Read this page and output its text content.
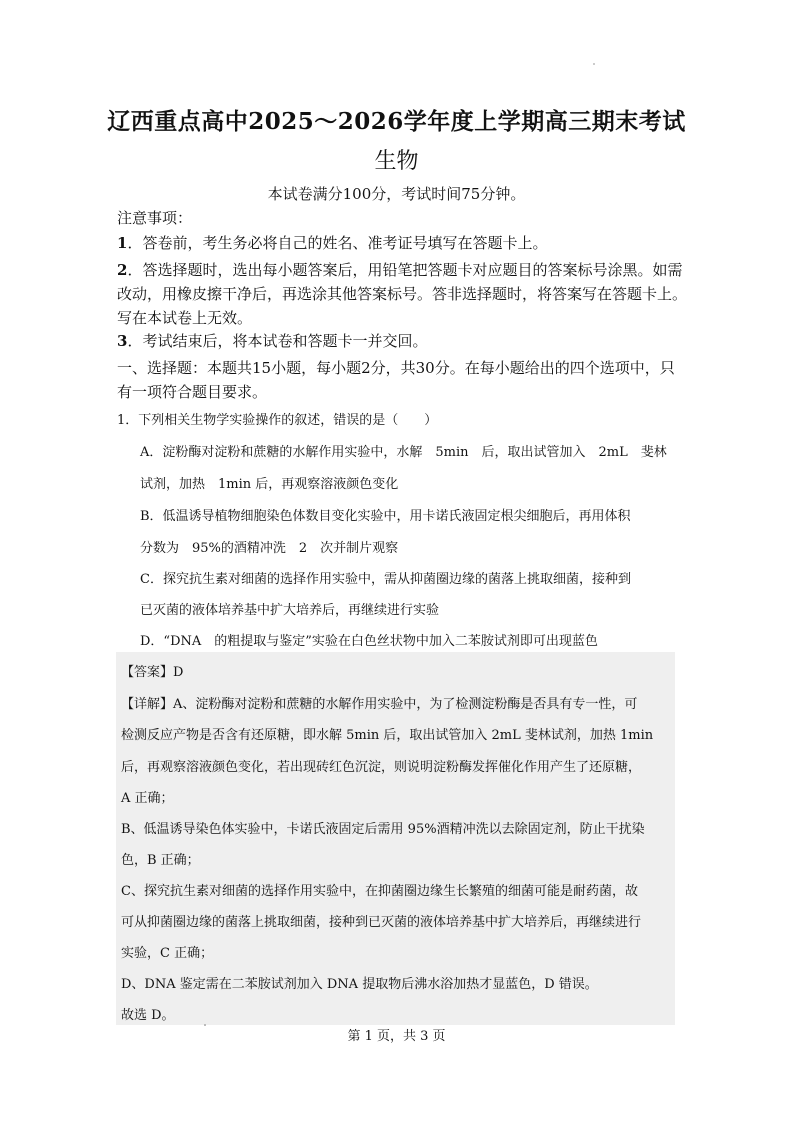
辽西重点高中2025～2026学年度上学期高三期末考试
生物
本试卷满分100分，考试时间75分钟。
注意事项：
1．答卷前，考生务必将自己的姓名、准考证号填写在答题卡上。
2．答选择题时，选出每小题答案后，用铅笔把答题卡对应题目的答案标号涂黑。如需改动，用橡皮擦干净后，再选涂其他答案标号。答非选择题时，将答案写在答题卡上。写在本试卷上无效。
3．考试结束后，将本试卷和答题卡一并交回。
一、选择题：本题共15小题，每小题2分，共30分。在每小题给出的四个选项中，只有一项符合题目要求。
1．下列相关生物学实验操作的叙述，错误的是（　　）
A．淀粉酶对淀粉和蔗糖的水解作用实验中，水解　5min　后，取出试管加入　2mL　斐林
试剂，加热　1min 后，再观察溶液颜色变化
B．低温诱导植物细胞染色体数目变化实验中，用卡诺氏液固定根尖细胞后，再用体积
分数为　95%的酒精冲洗　2　次并制片观察
C．探究抗生素对细菌的选择作用实验中，需从抑菌圈边缘的菌落上挑取细菌，接种到
已灭菌的液体培养基中扩大培养后，再继续进行实验
D．“DNA　的粗提取与鉴定”实验在白色丝状物中加入二苯胺试剂即可出现蓝色
【答案】D
【详解】A、淀粉酶对淀粉和蔗糖的水解作用实验中，为了检测淀粉酶是否具有专一性，可
检测反应产物是否含有还原糖，即水解 5min 后，取出试管加入 2mL 斐林试剂，加热 1min
后，再观察溶液颜色变化，若出现砖红色沉淀，则说明淀粉酶发挥催化作用产生了还原糖，
A 正确；
B、低温诱导染色体实验中，卡诺氏液固定后需用 95%酒精冲洗以去除固定剂，防止干扰染
色，B 正确；
C、探究抗生素对细菌的选择作用实验中，在抑菌圈边缘生长繁殖的细菌可能是耐药菌，故
可从抑菌圈边缘的菌落上挑取细菌，接种到已灭菌的液体培养基中扩大培养后，再继续进行
实验，C 正确；
D、DNA 鉴定需在二苯胺试剂加入 DNA 提取物后沸水浴加热才显蓝色，D 错误。
故选 D。
第 1 页，共 3 页
